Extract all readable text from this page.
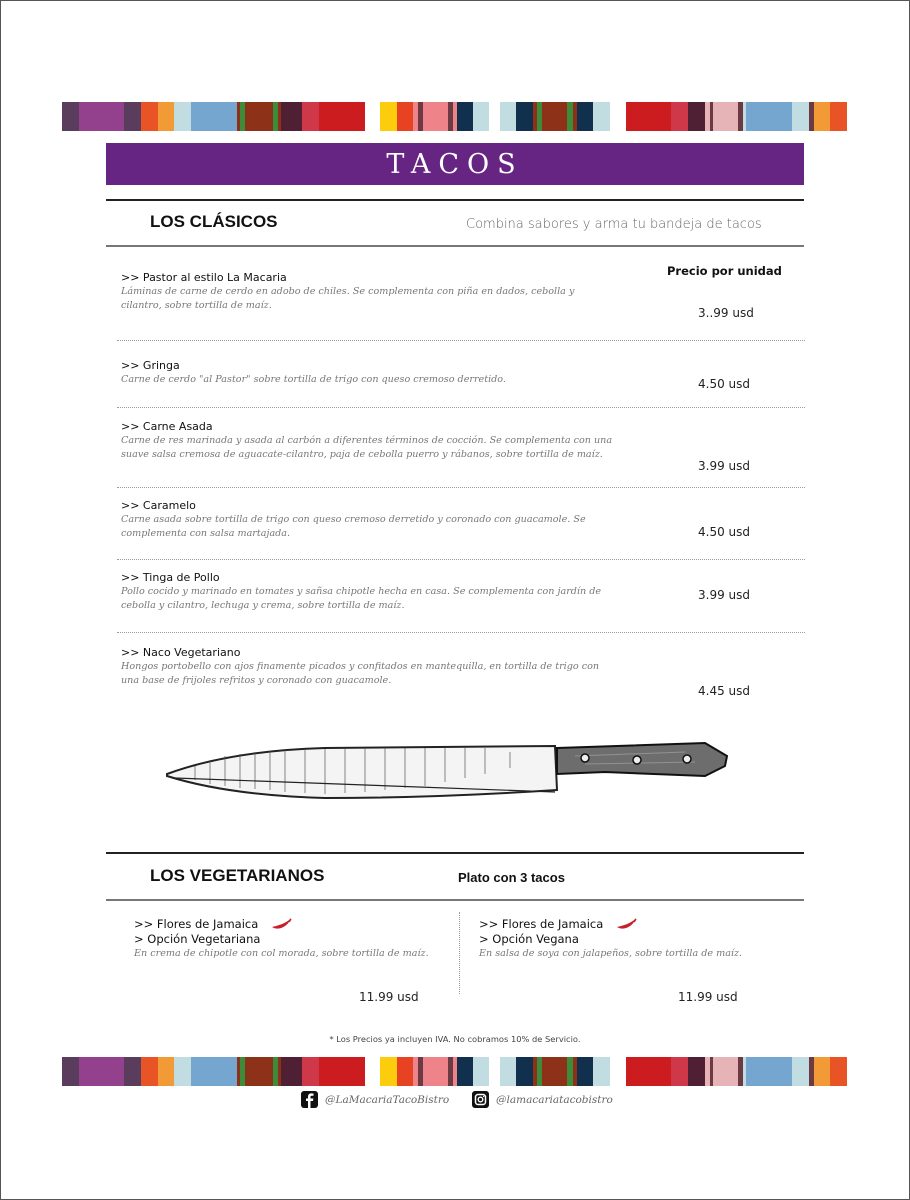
TACOS
LOS CLÁSICOS	Combina sabores y arma tu bandeja de tacos
Precio por unidad
>> Pastor al estilo La Macaria
Láminas de carne de cerdo en adobo de chiles. Se complementa con piña en dados, cebolla y cilantro, sobre tortilla de maíz.
3..99 usd
>> Gringa
Carne de cerdo "al Pastor" sobre tortilla de trigo con queso cremoso derretido.	4.50 usd
>> Carne Asada
Carne de res marinada y asada al carbón a diferentes términos de cocción. Se complementa con una suave salsa cremosa de aguacate-cilantro, paja de cebolla puerro y rábanos, sobre tortilla de maíz.
3.99 usd
>> Caramelo
Carne asada sobre tortilla de trigo con queso cremoso derretido y coronado con guacamole. Se complementa con salsa martajada.	4.50 usd
>> Tinga de Pollo
Pollo cocido y marinado en tomates y sañsa chipotle hecha en casa. Se complementa con jardín de cebolla y cilantro, lechuga y crema, sobre tortilla de maíz.
3.99 usd
>> Naco Vegetariano
Hongos portobello con ajos finamente picados y confitados en mantequilla, en tortilla de trigo con una base de frijoles refritos y coronado con guacamole.
4.45 usd
LOS VEGETARIANOS	Plato con 3 tacos
>> Flores de Jamaica
> Opción Vegetariana
En crema de chipotle con col morada, sobre tortilla de maíz.
11.99 usd
>> Flores de Jamaica
> Opción Vegana
En salsa de soya con jalapeños, sobre tortilla de maíz.
11.99 usd
* Los Precios ya incluyen IVA. No cobramos 10% de Servicio.
@LaMacariaTacoBistro	@lamacariatacobistro
